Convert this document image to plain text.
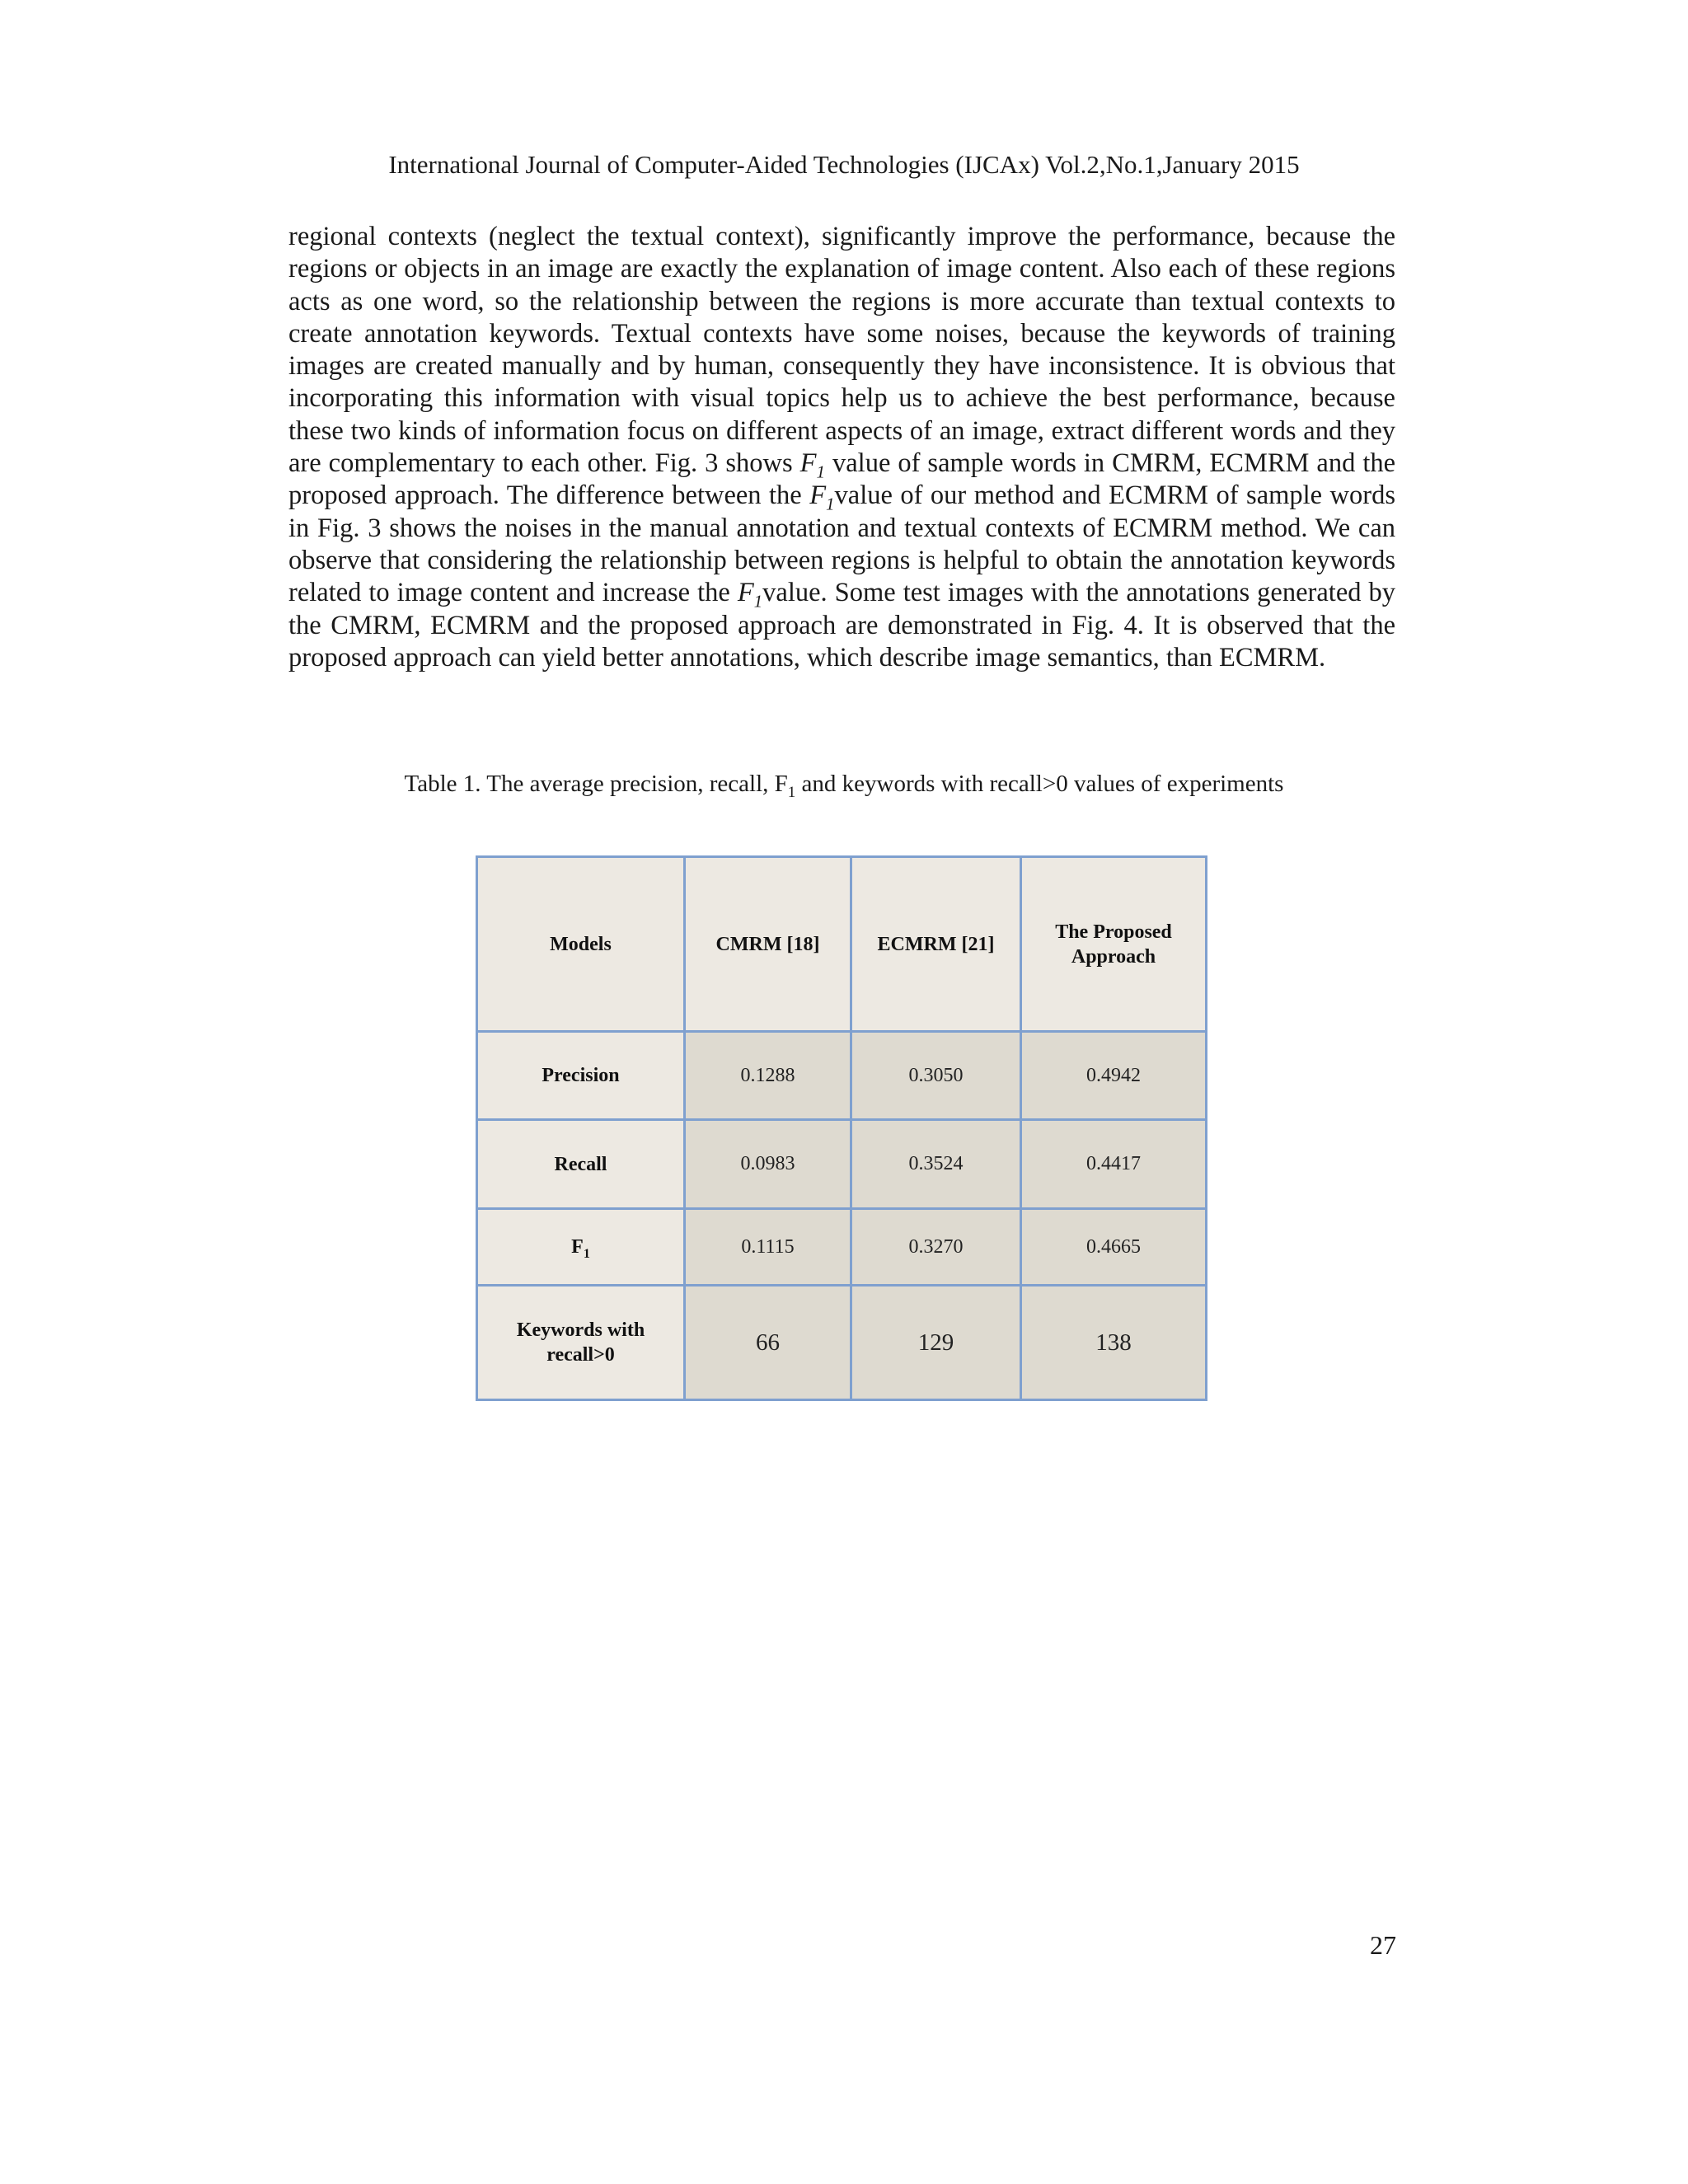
International Journal of Computer-Aided Technologies (IJCAx) Vol.2,No.1,January 2015

regional contexts (neglect the textual context), significantly improve the performance, because the regions or objects in an image are exactly the explanation of image content. Also each of these regions acts as one word, so the relationship between the regions is more accurate than textual contexts to create annotation keywords. Textual contexts have some noises, because the keywords of training images are created manually and by human, consequently they have inconsistence. It is obvious that incorporating this information with visual topics help us to achieve the best performance, because these two kinds of information focus on different aspects of an image, extract different words and they are complementary to each other. Fig. 3 shows $F_1$ value of sample words in CMRM, ECMRM and the proposed approach. The difference between the $F_1value$ of our method and ECMRM of sample words in Fig. 3 shows the noises in the manual annotation and textual contexts of ECMRM method. We can observe that considering the relationship between regions is helpful to obtain the annotation keywords related to image content and increase the $F_1value$. Some test images with the annotations generated by the CMRM, ECMRM and the proposed approach are demonstrated in Fig. 4. It is observed that the proposed approach can yield better annotations, which describe image semantics, than ECMRM.

Table 1. The average precision, recall, $F_1$ and keywords with recall>0 values of experiments
Models	CMRM [18]	ECMRM [21]	The Proposed
Approach
Precision	0.1288	0.3050	0.4942
Recall	0.0983	0.3524	0.4417
$F_1$	0.1115	0.3270	0.4665
Keywords with
recall>0	66	129	138
27
